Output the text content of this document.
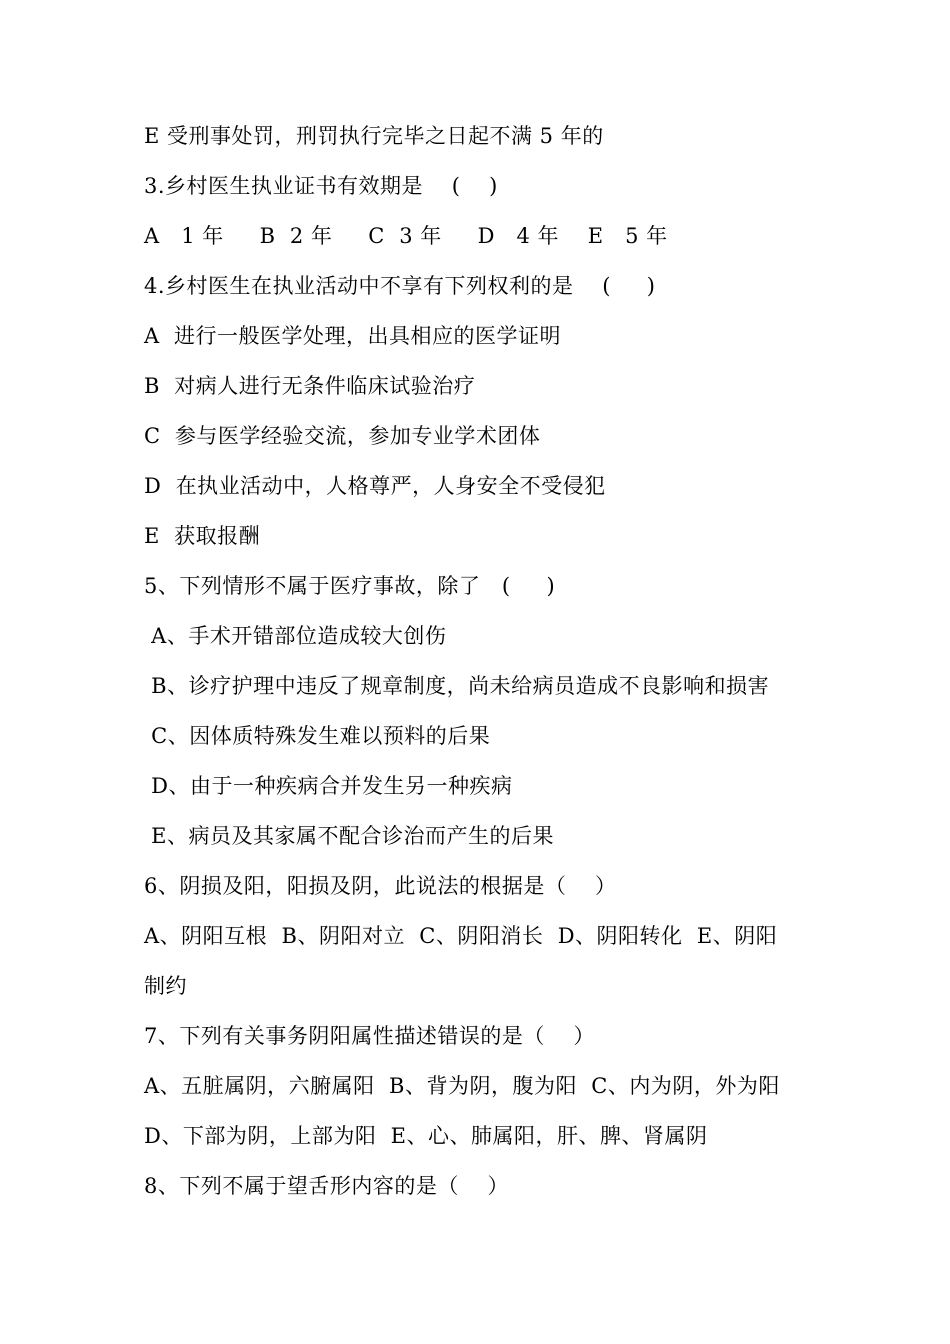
E 受刑事处罚，刑罚执行完毕之日起不满 5 年的
3.乡村医生执业证书有效期是    (    )
A   1 年     B  2 年     C  3 年     D   4 年    E   5 年
4.乡村医生在执业活动中不享有下列权利的是    (     )
A  进行一般医学处理，出具相应的医学证明
B  对病人进行无条件临床试验治疗
C  参与医学经验交流，参加专业学术团体
D  在执业活动中，人格尊严，人身安全不受侵犯
E  获取报酬
5、下列情形不属于医疗事故，除了   (     )
A、手术开错部位造成较大创伤
B、诊疗护理中违反了规章制度，尚未给病员造成不良影响和损害
C、因体质特殊发生难以预料的后果
D、由于一种疾病合并发生另一种疾病
E、病员及其家属不配合诊治而产生的后果
6、阴损及阳，阳损及阴，此说法的根据是（    ）
A、阴阳互根  B、阴阳对立  C、阴阳消长  D、阴阳转化  E、阴阳
制约
7、下列有关事务阴阳属性描述错误的是（    ）
A、五脏属阴，六腑属阳  B、背为阴，腹为阳  C、内为阴，外为阳
D、下部为阴，上部为阳  E、心、肺属阳，肝、脾、肾属阴
8、下列不属于望舌形内容的是（    ）
